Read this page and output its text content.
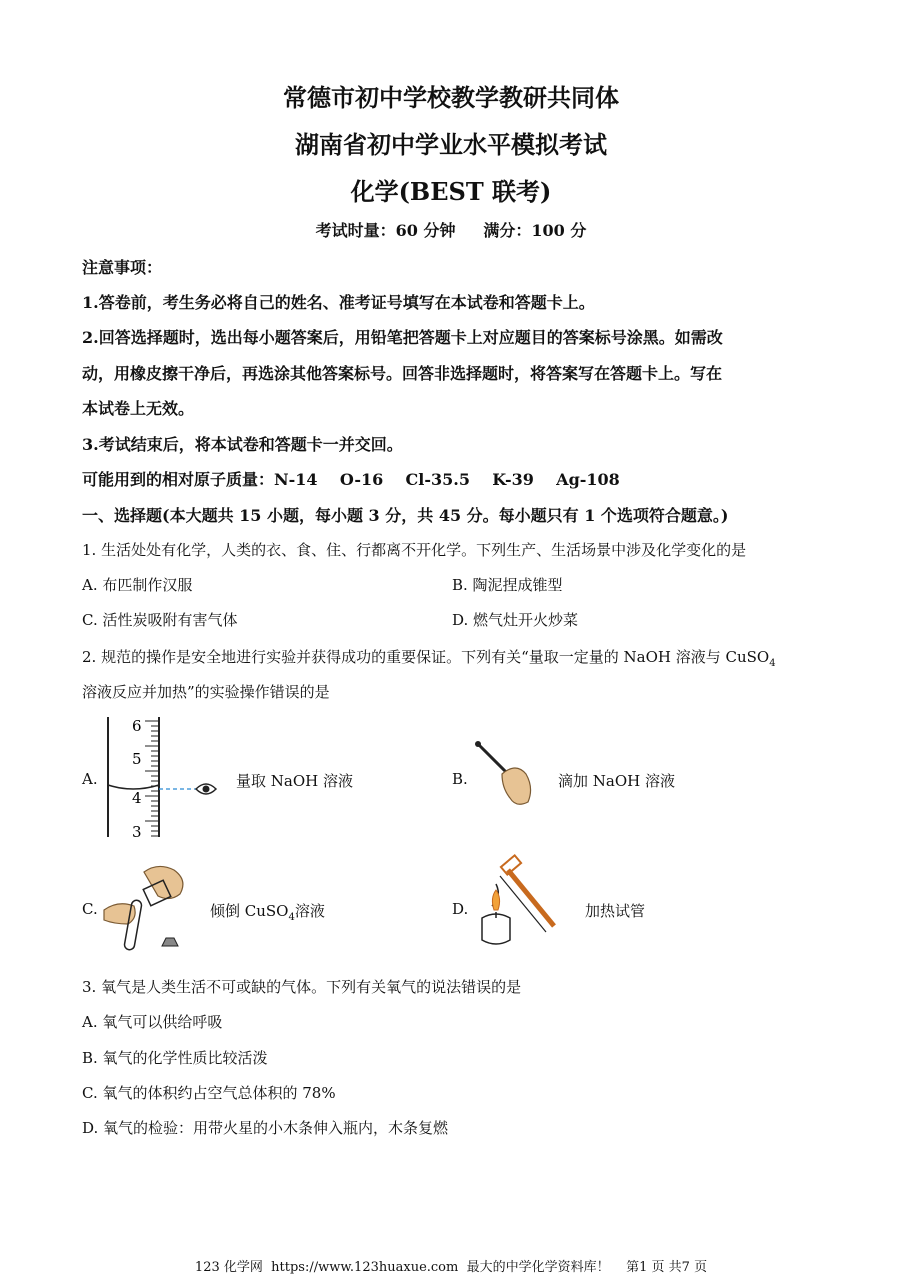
常德市初中学校教学教研共同体
湖南省初中学业水平模拟考试
化学(BEST 联考)
考试时量：60 分钟     满分：100 分
注意事项：
1.答卷前，考生务必将自己的姓名、准考证号填写在本试卷和答题卡上。
2.回答选择题时，选出每小题答案后，用铅笔把答题卡上对应题目的答案标号涂黑。如需改
动，用橡皮擦干净后，再选涂其他答案标号。回答非选择题时，将答案写在答题卡上。写在
本试卷上无效。
3.考试结束后，将本试卷和答题卡一并交回。
可能用到的相对原子质量：N-14    O-16    Cl-35.5    K-39    Ag-108
一、选择题(本大题共 15 小题，每小题 3 分，共 45 分。每小题只有 1 个选项符合题意。)
1. 生活处处有化学，人类的衣、食、住、行都离不开化学。下列生产、生活场景中涉及化学变化的是
A. 布匹制作汉服	B. 陶泥捏成锥型
C. 活性炭吸附有害气体	D. 燃气灶开火炒菜
2. 规范的操作是安全地进行实验并获得成功的重要保证。下列有关“量取一定量的 NaOH 溶液与 CuSO$_4$
溶液反应并加热”的实验操作错误的是
A.
6
5
4
3
量取 NaOH 溶液	B.	滴加 NaOH 溶液
C.	倾倒 CuSO$_4$溶液	D.	加热试管
3. 氧气是人类生活不可或缺的气体。下列有关氧气的说法错误的是
A. 氧气可以供给呼吸
B. 氧气的化学性质比较活泼
C. 氧气的体积约占空气总体积的 78%
D. 氧气的检验：用带火星的小木条伸入瓶内，木条复燃
123 化学网  https://www.123huaxue.com  最大的中学化学资料库！    第1 页 共7 页
